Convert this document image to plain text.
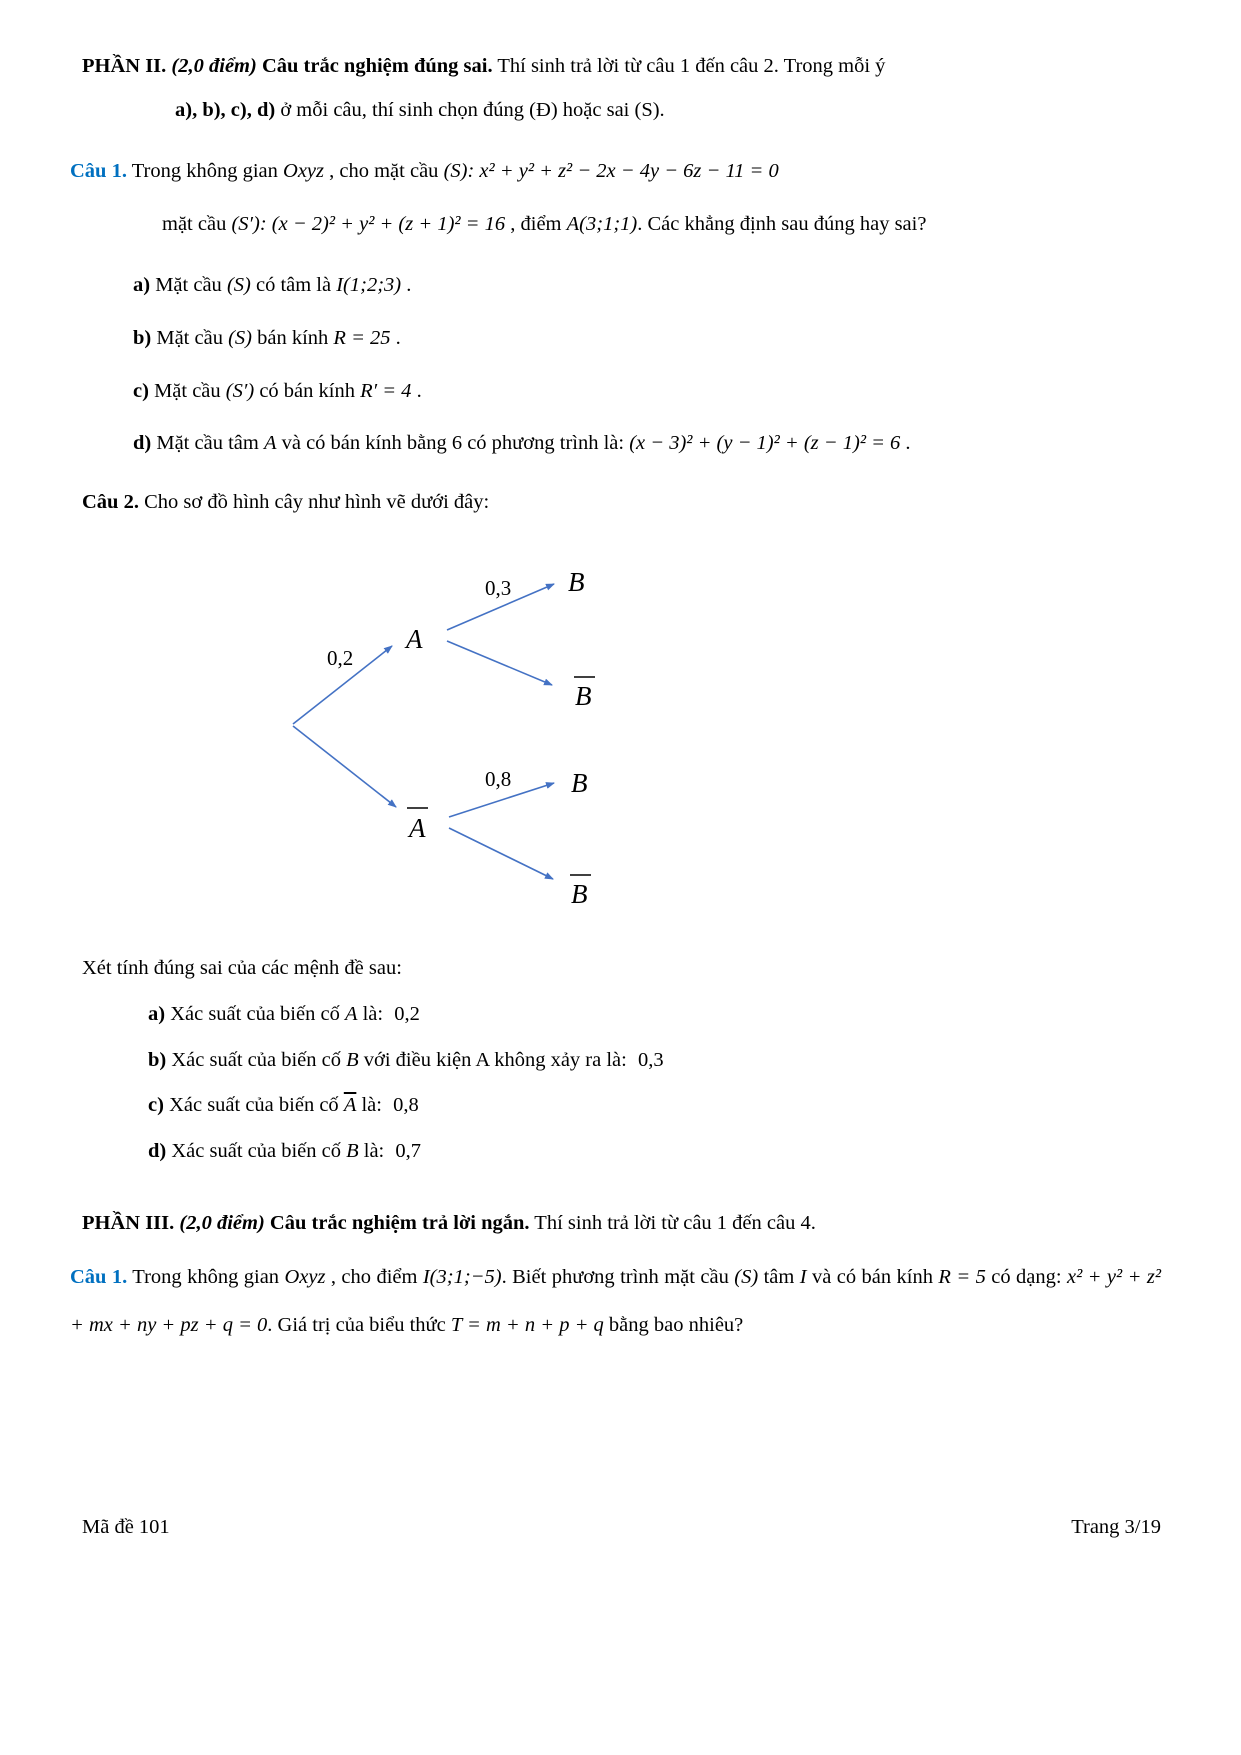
PHẦN II. (2,0 điểm) Câu trắc nghiệm đúng sai. Thí sinh trả lời từ câu 1 đến câu 2. Trong mỗi ý
a), b), c), d) ở mỗi câu, thí sinh chọn đúng (Đ) hoặc sai (S).
Câu 1. Trong không gian Oxyz , cho mặt cầu (S): x² + y² + z² − 2x − 4y − 6z − 11 = 0
mặt cầu (S′): (x − 2)² + y² + (z + 1)² = 16 , điểm A(3;1;1). Các khẳng định sau đúng hay sai?
a) Mặt cầu (S) có tâm là I(1;2;3) .
b) Mặt cầu (S) bán kính R = 25 .
c) Mặt cầu (S′) có bán kính R′ = 4 .
d) Mặt cầu tâm A và có bán kính bằng 6 có phương trình là: (x − 3)² + (y − 1)² + (z − 1)² = 6 .
Câu 2. Cho sơ đồ hình cây như hình vẽ dưới đây:
A
A
B
B
B
B
0,2
0,3
0,8
Xét tính đúng sai của các mệnh đề sau:
a) Xác suất của biến cố A là: 0,2
b) Xác suất của biến cố B với điều kiện A không xảy ra là: 0,3
c) Xác suất của biến cố $\overline{A}$ là: 0,8
d) Xác suất của biến cố B là: 0,7
PHẦN III. (2,0 điểm) Câu trắc nghiệm trả lời ngắn. Thí sinh trả lời từ câu 1 đến câu 4.
Câu 1. Trong không gian Oxyz , cho điểm I(3;1;−5). Biết phương trình mặt cầu (S) tâm I và có bán kính R = 5 có dạng: x² + y² + z² + mx + ny + pz + q = 0. Giá trị của biểu thức T = m + n + p + q bằng bao nhiêu?
Mã đề 101	Trang 3/19
